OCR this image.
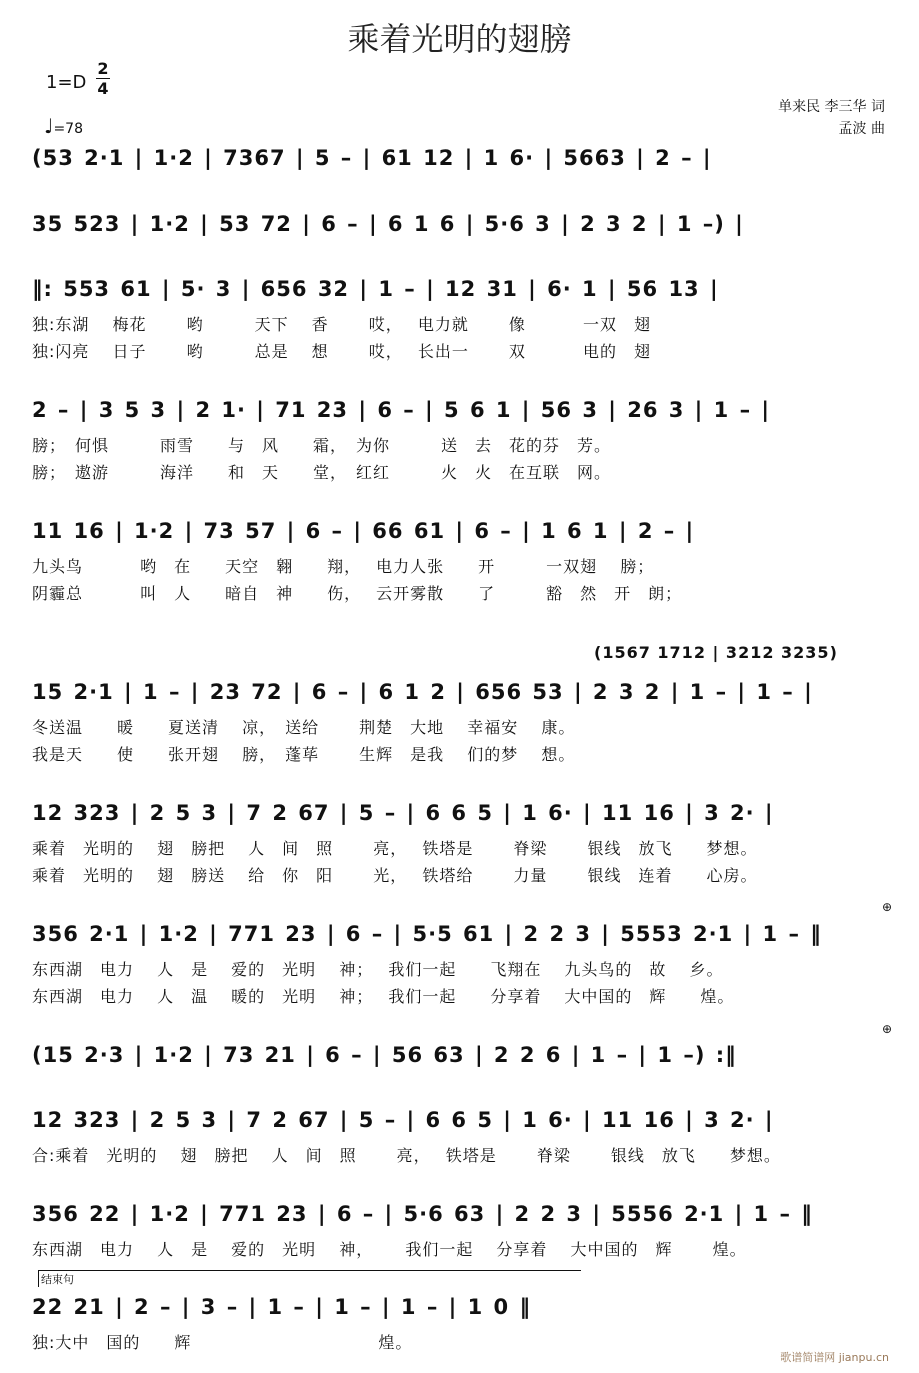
乘着光明的翅膀
1=D
2
4
♩=78
单来民 李三华 词
孟波 曲
(53 2·1 | 1·2 | 7367 | 5 – | 61 12 | 1 6· | 5663 | 2 – |
35 523 | 1·2 | 53 72 | 6 – | 6 1 6 | 5·6 3 | 2 3 2 | 1 –) |
‖: 553 61 | 5· 3 | 656 32 | 1 – | 12 31 | 6· 1 | 56 13 |
独:东湖　 梅花　　 哟　　　天下　 香　　 哎，　 电力就　　 像　　　 一双　翅
独:闪亮　 日子　　 哟　　　总是　 想　　 哎，　 长出一　　 双　　　 电的　翅
2 – | 3 5 3 | 2 1· | 71 23 | 6 – | 5 6 1 | 56 3 | 26 3 | 1 – |
膀；　何惧　　　雨雪　　与　风　　霜，　为你　　　送　去　花的芬　芳。
膀；　遨游　　　海洋　　和　天　　堂，　红红　　　火　火　在互联　网。
11 16 | 1·2 | 73 57 | 6 – | 66 61 | 6 – | 1 6 1 | 2 – |
九头鸟　　　 哟　在　　天空　翱　　翔，　 电力人张　　开　　　一双翅　 膀；
阴霾总　　　 叫　人　　暗自　神　　伤，　 云开雾散　　了　　　豁　然　开　朗；
(1567 1712 | 3212 3235)
15 2·1 | 1 – | 23 72 | 6 – | 6 1 2 | 656 53 | 2 3 2 | 1 – | 1 – |
冬送温　　暖　　夏送清　 凉，　送给　　 荆楚　大地　 幸福安　 康。
我是天　　使　　张开翅　 膀，　蓬荜　　 生辉　是我　 们的梦　 想。
12 323 | 2 5 3 | 7 2 67 | 5 – | 6 6 5 | 1 6· | 11 16 | 3 2· |
乘着　光明的　 翅　膀把　 人　间　照　　 亮，　 铁塔是　　 脊梁　　 银线　放飞　　梦想。
乘着　光明的　 翅　膀送　 给　你　阳　　 光，　 铁塔给　　 力量　　 银线　连着　　心房。
356 2·1 | 1·2 | 771 23 | 6 – | 5·5 61 | 2 2 3 | 5553 2·1 | 1 – ‖
东西湖　电力　 人　是　 爱的　光明　 神；　 我们一起　　飞翔在　 九头鸟的　故　 乡。
东西湖　电力　 人　温　 暖的　光明　 神；　 我们一起　　分享着　 大中国的　辉　　煌。
⊕
(15 2·3 | 1·2 | 73 21 | 6 – | 56 63 | 2 2 6 | 1 – | 1 –) :‖
⊕
12 323 | 2 5 3 | 7 2 67 | 5 – | 6 6 5 | 1 6· | 11 16 | 3 2· |
合:乘着　光明的　 翅　膀把　 人　间　照　　 亮，　 铁塔是　　 脊梁　　 银线　放飞　　梦想。
356 22 | 1·2 | 771 23 | 6 – | 5·6 63 | 2 2 3 | 5556 2·1 | 1 – ‖
东西湖　电力　 人　是　 爱的　光明　 神，　　 我们一起　 分享着　 大中国的　辉　　 煌。
结束句
22 21 | 2 – | 3 – | 1 – | 1 – | 1 – | 1 0 ‖
独:大中　国的　　辉　　　　　　　　　　　煌。
歌谱简谱网 jianpu.cn
